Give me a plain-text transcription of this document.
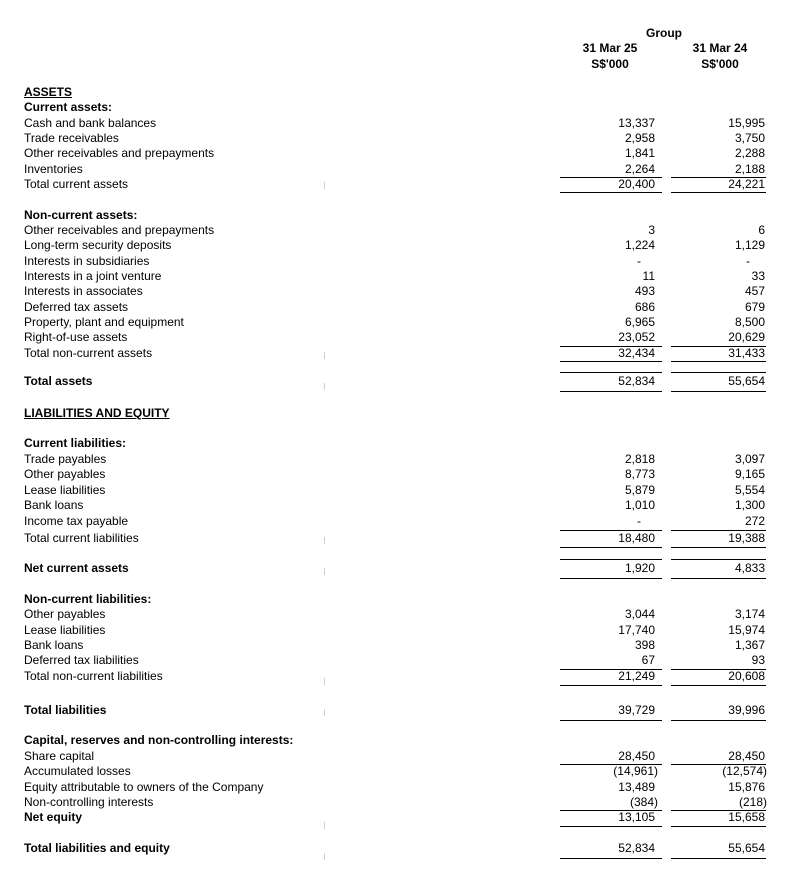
Group
31 Mar 25
S$'000
31 Mar 24
S$'000
ASSETS
Current assets:
Cash and bank balances
Trade receivables
Other receivables and prepayments
Inventories
Total current assets
Non-current assets:
Other receivables and prepayments
Long-term security deposits
Interests in subsidiaries
Interests in a joint venture
Interests in associates
Deferred tax assets
Property, plant and equipment
Right-of-use assets
Total non-current assets
Total assets
LIABILITIES AND EQUITY
Current liabilities:
Trade payables
Other payables
Lease liabilities
Bank loans
Income tax payable
Total current liabilities
Net current assets
Non-current liabilities:
Other payables
Lease liabilities
Bank loans
Deferred tax liabilities
Total non-current liabilities
Total liabilities
Capital, reserves and non-controlling interests:
Share capital
Accumulated losses
Equity attributable to owners of the Company
Non-controlling interests
Net equity
Total liabilities and equity
13,337
2,958
1,841
2,264
20,400
3
1,224
-
11
493
686
6,965
23,052
32,434
52,834
2,818
8,773
5,879
1,010
-
18,480
1,920
3,044
17,740
398
67
21,249
39,729
28,450
(14,961)
13,489
(384)
13,105
52,834
15,995
3,750
2,288
2,188
24,221
6
1,129
-
33
457
679
8,500
20,629
31,433
55,654
3,097
9,165
5,554
1,300
272
19,388
4,833
3,174
15,974
1,367
93
20,608
39,996
28,450
(12,574)
15,876
(218)
15,658
55,654
